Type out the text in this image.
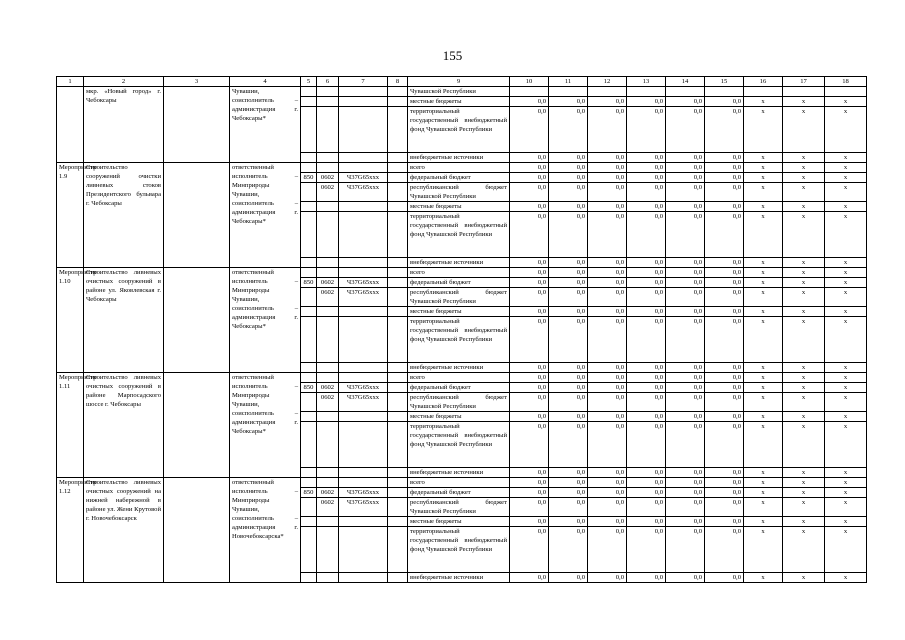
155
1	2	3	4	5	6	7	8	9	10	11	12	13	14	15	16	17	18
	мкр. «Новый город» г. Чебоксары		Чувашии, соисполнитель – администрация г. Чебоксары*					Чувашской Республики									
								местные бюджеты	0,0	0,0	0,0	0,0	0,0	0,0	х	х	х
								территориальный государственный внебюджетный фонд Чувашской Республики	0,0	0,0	0,0	0,0	0,0	0,0	х	х	х
								внебюджетные источники	0,0	0,0	0,0	0,0	0,0	0,0	х	х	х
Мероприятие 1.9	Строительство сооружений очистки ливневых стоков Президентского бульвара г. Чебоксары		ответственный исполнитель – Минприроды Чувашии, соисполнитель – администрация г. Чебоксары*					всего	0,0	0,0	0,0	0,0	0,0	0,0	х	х	х
				850	0602	Ч37G65ххх		федеральный бюджет	0,0	0,0	0,0	0,0	0,0	0,0	х	х	х
					0602	Ч37G65ххх		республиканский бюджет Чувашской Республики	0,0	0,0	0,0	0,0	0,0	0,0	х	х	х
								местные бюджеты	0,0	0,0	0,0	0,0	0,0	0,0	х	х	х
								территориальный государственный внебюджетный фонд Чувашской Республики	0,0	0,0	0,0	0,0	0,0	0,0	х	х	х
								внебюджетные источники	0,0	0,0	0,0	0,0	0,0	0,0	х	х	х
Мероприятие 1.10	Строительство ливневых очистных сооружений в районе ул. Яковлевская г. Чебоксары		ответственный исполнитель – Минприроды Чувашии, соисполнитель – администрация г. Чебоксары*					всего	0,0	0,0	0,0	0,0	0,0	0,0	х	х	х
				850	0602	Ч37G65ххх		федеральный бюджет	0,0	0,0	0,0	0,0	0,0	0,0	х	х	х
					0602	Ч37G65ххх		республиканский бюджет Чувашской Республики	0,0	0,0	0,0	0,0	0,0	0,0	х	х	х
								местные бюджеты	0,0	0,0	0,0	0,0	0,0	0,0	х	х	х
								территориальный государственный внебюджетный фонд Чувашской Республики	0,0	0,0	0,0	0,0	0,0	0,0	х	х	х
								внебюджетные источники	0,0	0,0	0,0	0,0	0,0	0,0	х	х	х
Мероприятие 1.11	Строительство ливневых очистных сооружений в районе Марпосадского шоссе г. Чебоксары		ответственный исполнитель – Минприроды Чувашии, соисполнитель – администрация г. Чебоксары*					всего	0,0	0,0	0,0	0,0	0,0	0,0	х	х	х
				850	0602	Ч37G65ххх		федеральный бюджет	0,0	0,0	0,0	0,0	0,0	0,0	х	х	х
					0602	Ч37G65ххх		республиканский бюджет Чувашской Республики	0,0	0,0	0,0	0,0	0,0	0,0	х	х	х
								местные бюджеты	0,0	0,0	0,0	0,0	0,0	0,0	х	х	х
								территориальный государственный внебюджетный фонд Чувашской Республики	0,0	0,0	0,0	0,0	0,0	0,0	х	х	х
								внебюджетные источники	0,0	0,0	0,0	0,0	0,0	0,0	х	х	х
Мероприятие 1.12	Строительство ливневых очистных сооружений на нижней набережной в районе ул. Жени Крутовой г. Новочебоксарск		ответственный исполнитель – Минприроды Чувашии, соисполнитель – администрация г. Новочебоксарска*					всего	0,0	0,0	0,0	0,0	0,0	0,0	х	х	х
				850	0602	Ч37G65ххх		федеральный бюджет	0,0	0,0	0,0	0,0	0,0	0,0	х	х	х
					0602	Ч37G65ххх		республиканский бюджет Чувашской Республики	0,0	0,0	0,0	0,0	0,0	0,0	х	х	х
								местные бюджеты	0,0	0,0	0,0	0,0	0,0	0,0	х	х	х
								территориальный государственный внебюджетный фонд Чувашской Республики	0,0	0,0	0,0	0,0	0,0	0,0	х	х	х
								внебюджетные источники	0,0	0,0	0,0	0,0	0,0	0,0	х	х	х
